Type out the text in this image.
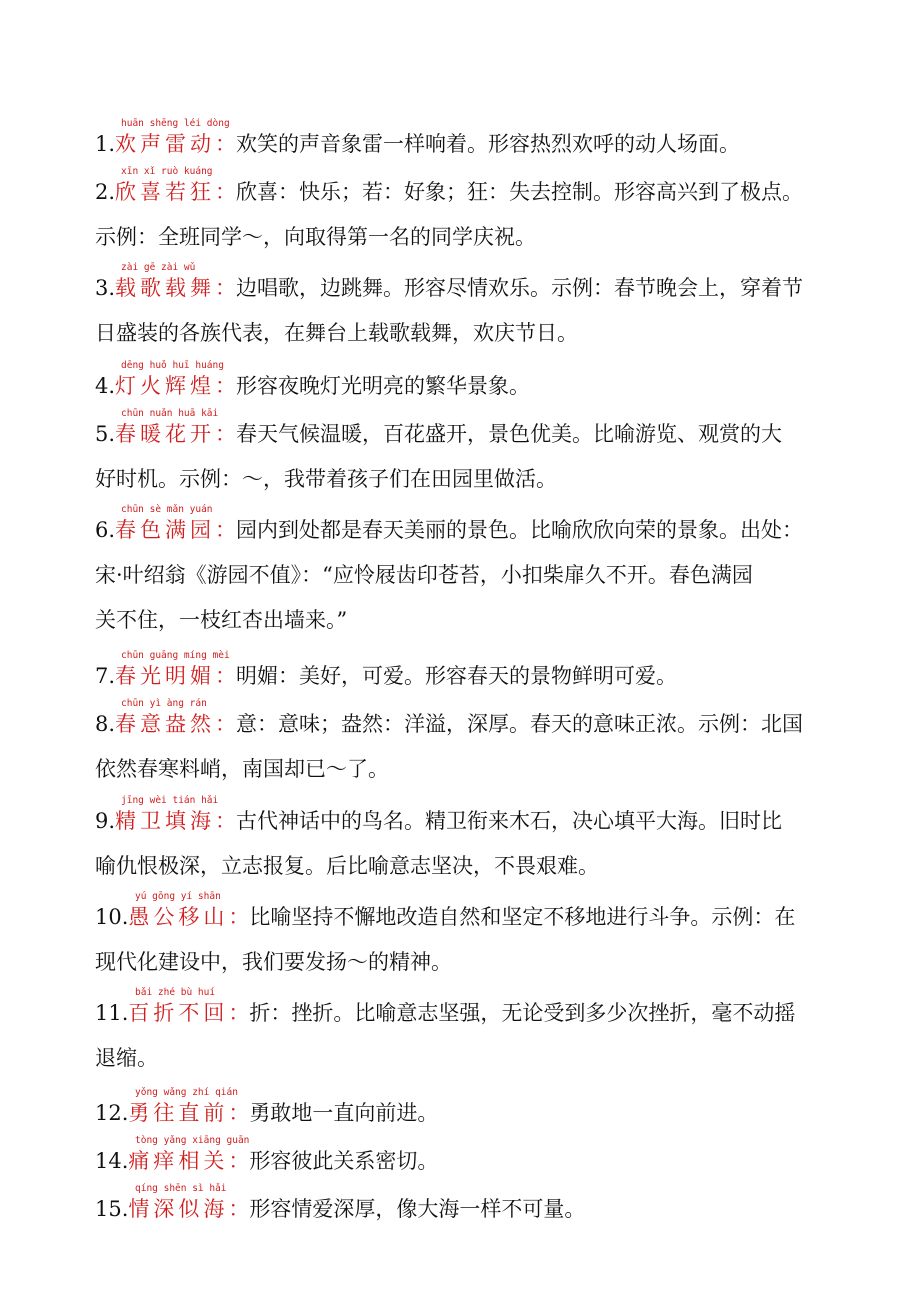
huān shēng léi dòng
1.欢声雷动：欢笑的声音象雷一样响着。形容热烈欢呼的动人场面。
xīn xǐ ruò kuáng
2.欣喜若狂：欣喜：快乐；若：好象；狂：失去控制。形容高兴到了极点。
示例：全班同学～，向取得第一名的同学庆祝。
zài gē zài wǔ
3.载歌载舞：边唱歌，边跳舞。形容尽情欢乐。示例：春节晚会上，穿着节
日盛装的各族代表，在舞台上载歌载舞，欢庆节日。
dēng huǒ huī huáng
4.灯火辉煌：形容夜晚灯光明亮的繁华景象。
chūn nuǎn huā kāi
5.春暖花开：春天气候温暖，百花盛开，景色优美。比喻游览、观赏的大
好时机。示例：～，我带着孩子们在田园里做活。
chūn sè mǎn yuán
6.春色满园：园内到处都是春天美丽的景色。比喻欣欣向荣的景象。出处：
宋·叶绍翁《游园不值》：“应怜屐齿印苍苔，小扣柴扉久不开。春色满园
关不住，一枝红杏出墙来。”
chūn guāng míng mèi
7.春光明媚：明媚：美好，可爱。形容春天的景物鲜明可爱。
chūn yì àng rán
8.春意盎然：意：意味；盎然：洋溢，深厚。春天的意味正浓。示例：北国
依然春寒料峭，南国却已～了。
jīng wèi tián hǎi
9.精卫填海：古代神话中的鸟名。精卫衔来木石，决心填平大海。旧时比
喻仇恨极深，立志报复。后比喻意志坚决，不畏艰难。
yú gōng yí shān
10.愚公移山：比喻坚持不懈地改造自然和坚定不移地进行斗争。示例：在
现代化建设中，我们要发扬～的精神。
bǎi zhé bù huí
11.百折不回：折：挫折。比喻意志坚强，无论受到多少次挫折，毫不动摇
退缩。
yǒng wǎng zhí qián
12.勇往直前：勇敢地一直向前进。
tòng yǎng xiāng guān
14.痛痒相关：形容彼此关系密切。
qíng shēn sì hǎi
15.情深似海：形容情爱深厚，像大海一样不可量。
